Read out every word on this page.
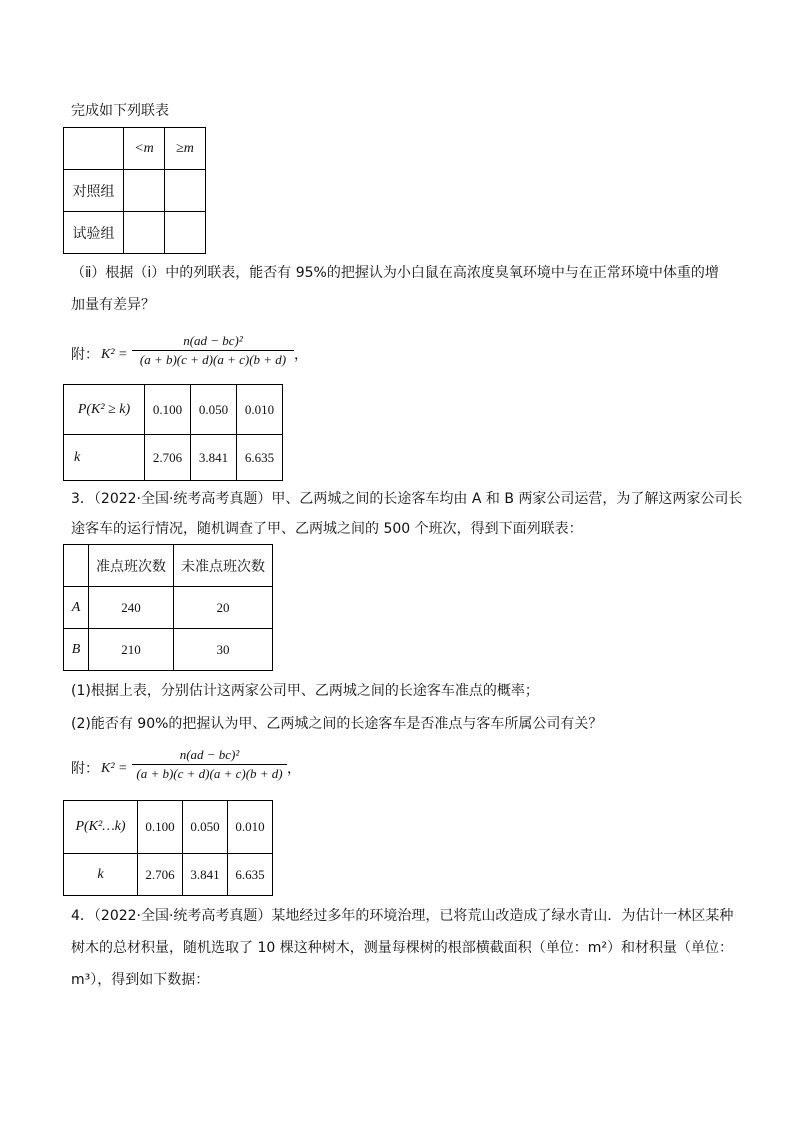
完成如下列联表
	<m	≥m
对照组		
试验组		
（ⅱ）根据（i）中的列联表，能否有 95%的把握认为小白鼠在高浓度臭氧环境中与在正常环境中体重的增
加量有差异？
附： K² =
n(ad − bc)²
(a + b)(c + d)(a + c)(b + d) ，
P(K² ≥ k)	0.100	0.050	0.010
k	2.706	3.841	6.635
3．（2022·全国·统考高考真题）甲、乙两城之间的长途客车均由 A 和 B 两家公司运营，为了解这两家公司长
途客车的运行情况，随机调查了甲、乙两城之间的 500 个班次，得到下面列联表：
	准点班次数	未准点班次数
A	240	20
B	210	30
(1)根据上表，分别估计这两家公司甲、乙两城之间的长途客车准点的概率；
(2)能否有 90%的把握认为甲、乙两城之间的长途客车是否准点与客车所属公司有关？
附： K² =
n(ad − bc)²
(a + b)(c + d)(a + c)(b + d) ，
P(K²…k)	0.100	0.050	0.010
k	2.706	3.841	6.635
4．（2022·全国·统考高考真题）某地经过多年的环境治理，已将荒山改造成了绿水青山．为估计一林区某种
树木的总材积量，随机选取了 10 棵这种树木，测量每棵树的根部横截面积（单位：m²）和材积量（单位：
m³），得到如下数据：
